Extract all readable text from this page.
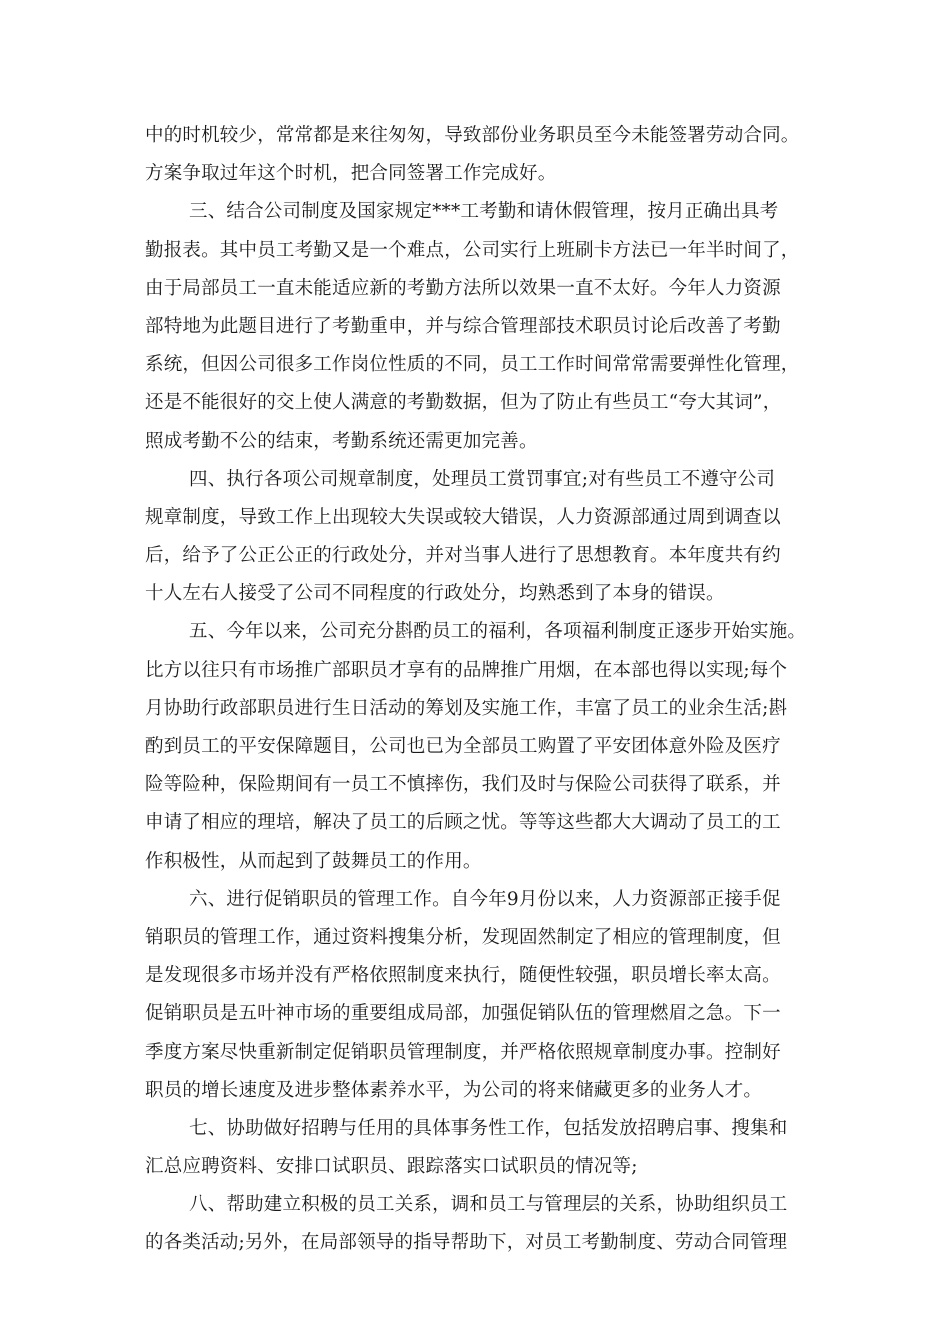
中的时机较少，常常都是来往匆匆，导致部份业务职员至今未能签署劳动合同。
方案争取过年这个时机，把合同签署工作完成好。
三、结合公司制度及国家规定***工考勤和请休假管理，按月正确出具考
勤报表。其中员工考勤又是一个难点，公司实行上班刷卡方法已一年半时间了，
由于局部员工一直未能适应新的考勤方法所以效果一直不太好。今年人力资源
部特地为此题目进行了考勤重申，并与综合管理部技术职员讨论后改善了考勤
系统，但因公司很多工作岗位性质的不同，员工工作时间常常需要弹性化管理，
还是不能很好的交上使人满意的考勤数据，但为了防止有些员工“夸大其词”，
照成考勤不公的结束，考勤系统还需更加完善。
四、执行各项公司规章制度，处理员工赏罚事宜;对有些员工不遵守公司
规章制度，导致工作上出现较大失误或较大错误，人力资源部通过周到调查以
后，给予了公正公正的行政处分，并对当事人进行了思想教育。本年度共有约
十人左右人接受了公司不同程度的行政处分，均熟悉到了本身的错误。
五、今年以来，公司充分斟酌员工的福利，各项福利制度正逐步开始实施。
比方以往只有市场推广部职员才享有的品牌推广用烟，在本部也得以实现;每个
月协助行政部职员进行生日活动的筹划及实施工作，丰富了员工的业余生活;斟
酌到员工的平安保障题目，公司也已为全部员工购置了平安团体意外险及医疗
险等险种，保险期间有一员工不慎摔伤，我们及时与保险公司获得了联系，并
申请了相应的理培，解决了员工的后顾之忧。等等这些都大大调动了员工的工
作积极性，从而起到了鼓舞员工的作用。
六、进行促销职员的管理工作。自今年9月份以来，人力资源部正接手促
销职员的管理工作，通过资料搜集分析，发现固然制定了相应的管理制度，但
是发现很多市场并没有严格依照制度来执行，随便性较强，职员增长率太高。
促销职员是五叶神市场的重要组成局部，加强促销队伍的管理燃眉之急。下一
季度方案尽快重新制定促销职员管理制度，并严格依照规章制度办事。控制好
职员的增长速度及进步整体素养水平，为公司的将来储藏更多的业务人才。
七、协助做好招聘与任用的具体事务性工作，包括发放招聘启事、搜集和
汇总应聘资料、安排口试职员、跟踪落实口试职员的情况等;
八、帮助建立积极的员工关系，调和员工与管理层的关系，协助组织员工
的各类活动;另外，在局部领导的指导帮助下，对员工考勤制度、劳动合同管理
